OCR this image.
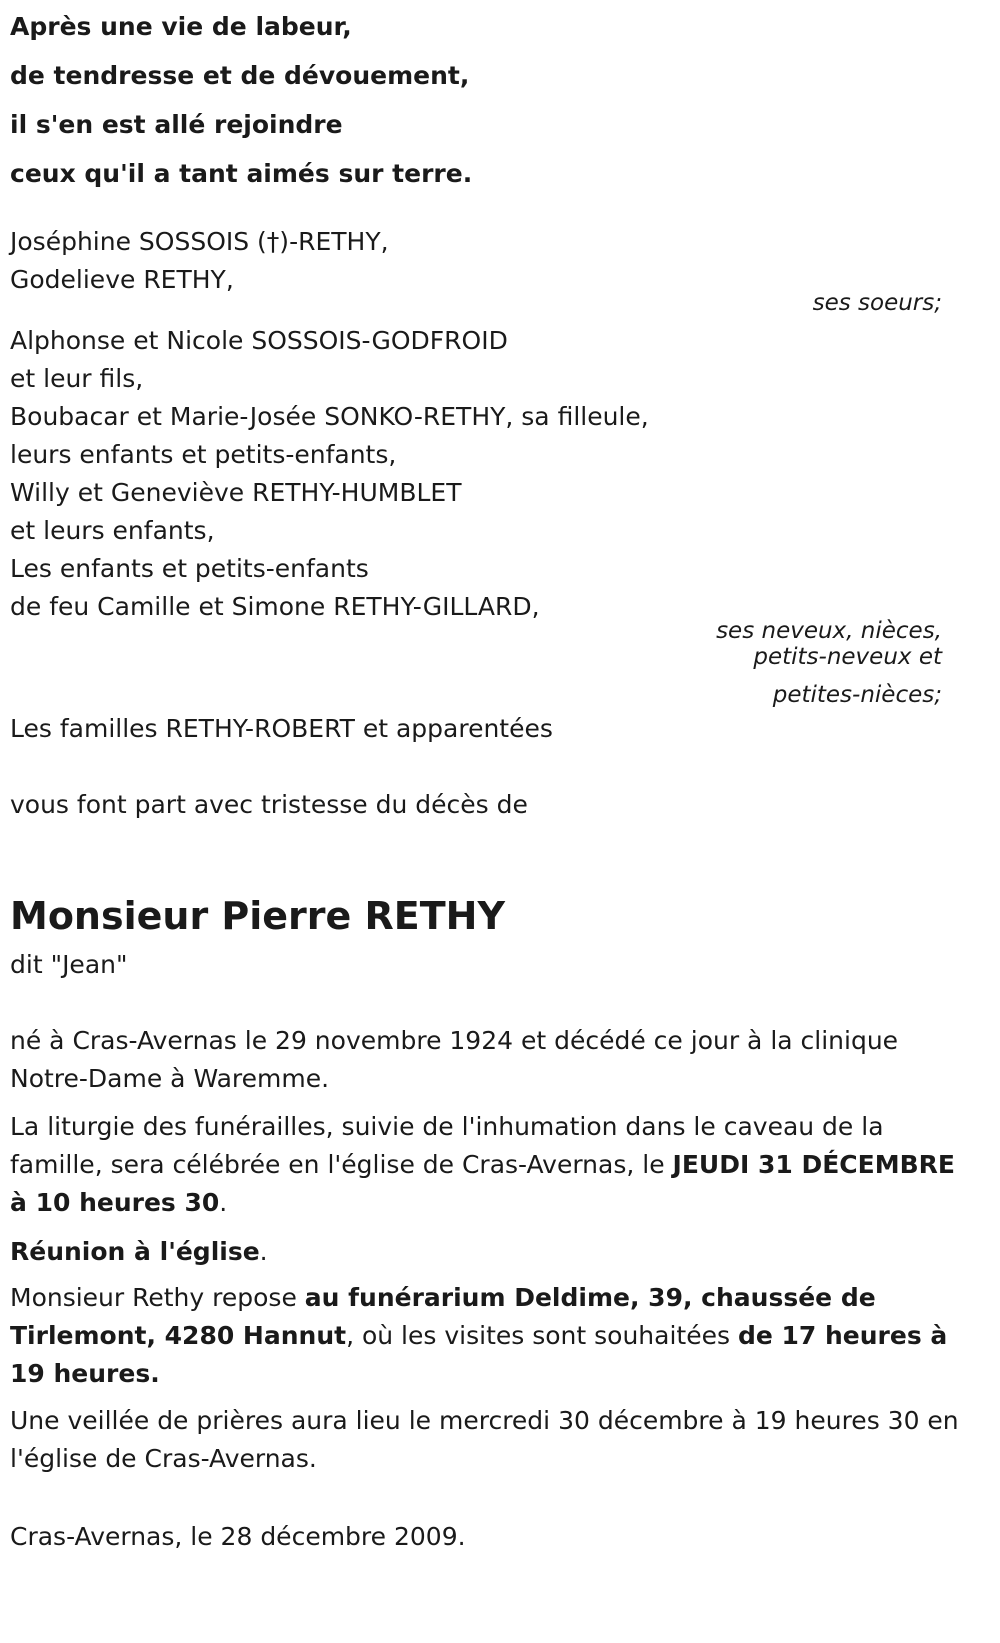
Après une vie de labeur,
de tendresse et de dévouement,
il s'en est allé rejoindre
ceux qu'il a tant aimés sur terre.
Joséphine SOSSOIS (†)-RETHY,
Godelieve RETHY,
ses soeurs;
Alphonse et Nicole SOSSOIS-GODFROID
et leur fils,
Boubacar et Marie-Josée SONKO-RETHY, sa filleule,
leurs enfants et petits-enfants,
Willy et Geneviève RETHY-HUMBLET
et leurs enfants,
Les enfants et petits-enfants
de feu Camille et Simone RETHY-GILLARD,
ses neveux, nièces,
petits-neveux et
petites-nièces;
Les familles RETHY-ROBERT et apparentées
vous font part avec tristesse du décès de
Monsieur Pierre RETHY
dit "Jean"
né à Cras-Avernas le 29 novembre 1924 et décédé ce jour à la clinique Notre-Dame à Waremme.
La liturgie des funérailles, suivie de l'inhumation dans le caveau de la famille, sera célébrée en l'église de Cras-Avernas, le JEUDI 31 DÉCEMBRE à 10 heures 30.
Réunion à l'église.
Monsieur Rethy repose au funérarium Deldime, 39, chaussée de Tirlemont, 4280 Hannut, où les visites sont souhaitées de 17 heures à 19 heures.
Une veillée de prières aura lieu le mercredi 30 décembre à 19 heures 30 en l'église de Cras-Avernas.
Cras-Avernas, le 28 décembre 2009.
